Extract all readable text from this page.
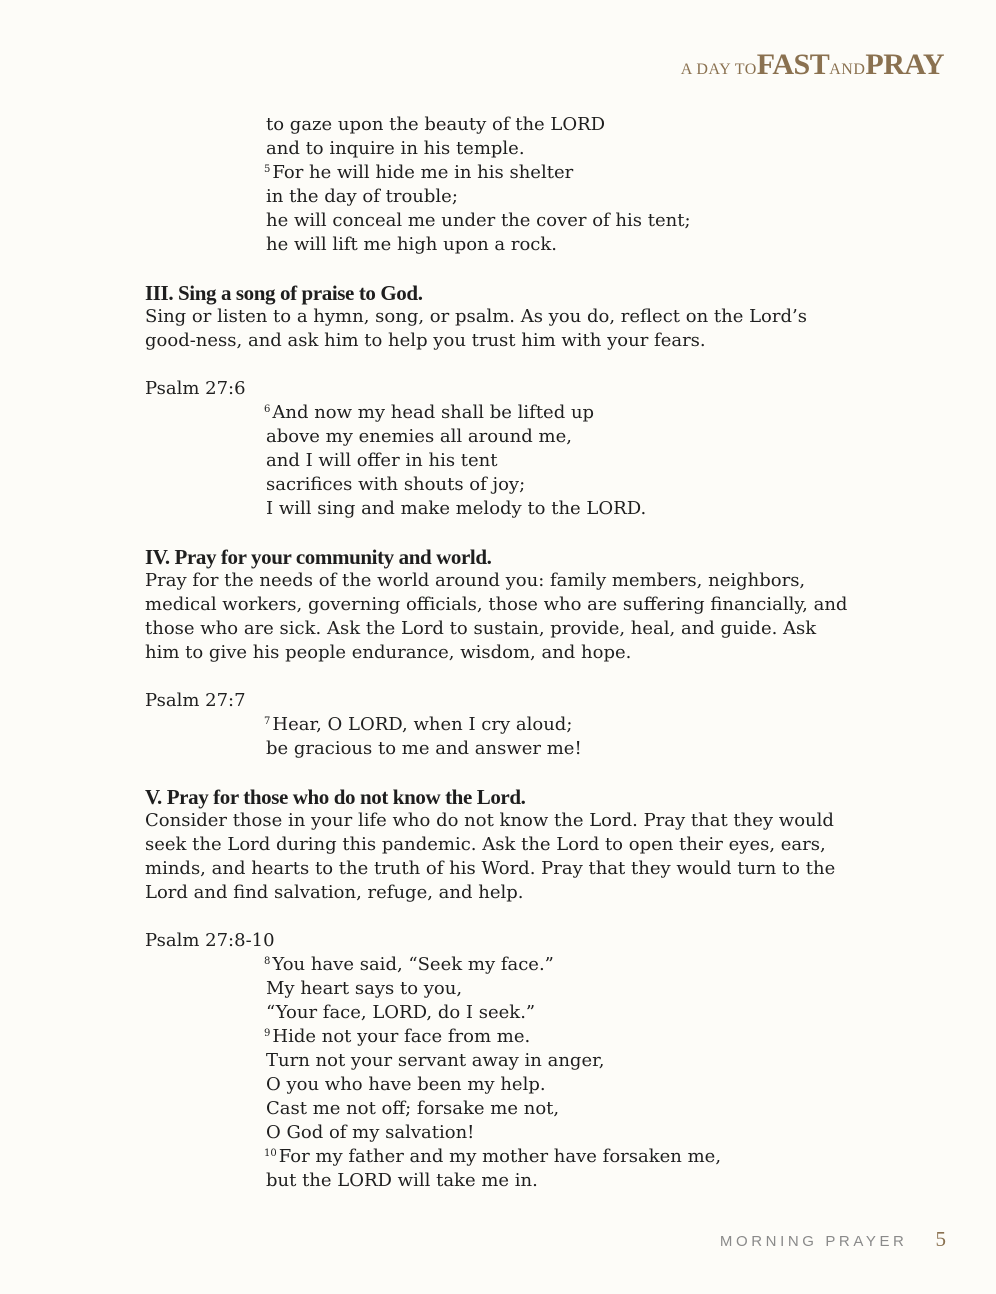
A DAY TOFASTANDPRAY
to gaze upon the beauty of the LORD
and to inquire in his temple.
$^5$ For he will hide me in his shelter
in the day of trouble;
he will conceal me under the cover of his tent;
he will lift me high upon a rock.
III. Sing a song of praise to God.
Sing or listen to a hymn, song, or psalm. As you do, reflect on the Lord’s good-ness, and ask him to help you trust him with your fears.
Psalm 27:6
$^6$ And now my head shall be lifted up
above my enemies all around me,
and I will offer in his tent
sacrifices with shouts of joy;
I will sing and make melody to the LORD.
IV. Pray for your community and world.
Pray for the needs of the world around you: family members, neighbors, medical workers, governing officials, those who are suffering financially, and those who are sick. Ask the Lord to sustain, provide, heal, and guide. Ask him to give his people endurance, wisdom, and hope.
Psalm 27:7
$^7$ Hear, O LORD, when I cry aloud;
be gracious to me and answer me!
V. Pray for those who do not know the Lord.
Consider those in your life who do not know the Lord. Pray that they would seek the Lord during this pandemic. Ask the Lord to open their eyes, ears, minds, and hearts to the truth of his Word. Pray that they would turn to the Lord and find salvation, refuge, and help.
Psalm 27:8-10
$^8$ You have said, “Seek my face.”
My heart says to you,
“Your face, LORD, do I seek.”
$^9$ Hide not your face from me.
Turn not your servant away in anger,
O you who have been my help.
Cast me not off; forsake me not,
O God of my salvation!
$^{10}$ For my father and my mother have forsaken me,
but the LORD will take me in.
MORNING PRAYER 5
